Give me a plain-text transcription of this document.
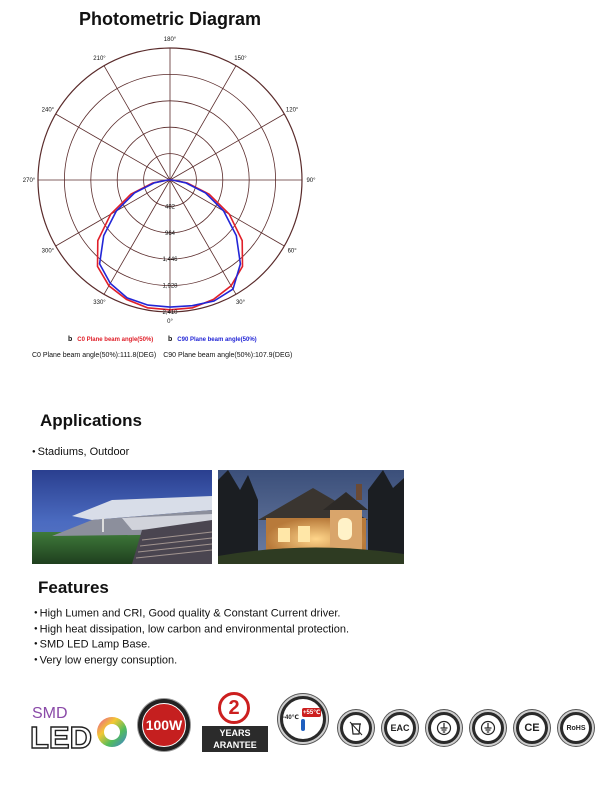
Photometric Diagram
180°
150°
120°
90°
60°
30°
0°
330°
300°
270°
240°
210°
482
964
1,446
1,928
2,410
b C0 Plane beam angle(50%) b C90 Plane beam angle(50%)
C0 Plane beam angle(50%):111.8(DEG) C90 Plane beam angle(50%):107.9(DEG)
Applications
● Stadiums, Outdoor
Features
● High Lumen and CRI, Good quality & Constant Current driver.
● High heat dissipation, low carbon and environmental protection.
● SMD LED Lamp Base.
● Very low energy consuption.
SMD
LED	100W
2
YEARS
ARANTEE
-40℃
+55℃
EAC	CE	RoHS
